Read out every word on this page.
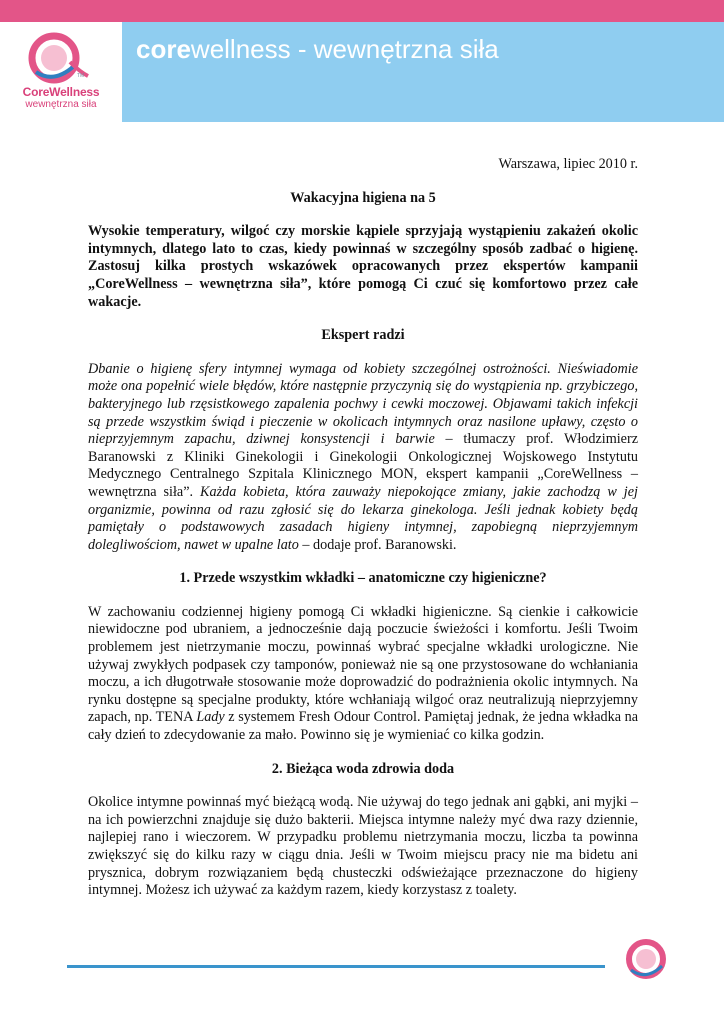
TM
CoreWellness
wewnętrzna siła
corewellness - wewnętrzna siła

Warszawa, lipiec 2010 r.

Wakacyjna higiena na 5

Wysokie temperatury, wilgoć czy morskie kąpiele sprzyjają wystąpieniu zakażeń okolic intymnych, dlatego lato to czas, kiedy powinnaś w szczególny sposób zadbać o higienę. Zastosuj kilka prostych wskazówek opracowanych przez ekspertów kampanii „CoreWellness – wewnętrzna siła”, które pomogą Ci czuć się komfortowo przez całe wakacje.

Ekspert radzi

Dbanie o higienę sfery intymnej wymaga od kobiety szczególnej ostrożności. Nieświadomie może ona popełnić wiele błędów, które następnie przyczynią się do wystąpienia np. grzybiczego, bakteryjnego lub rzęsistkowego zapalenia pochwy i cewki moczowej. Objawami takich infekcji są przede wszystkim świąd i pieczenie w okolicach intymnych oraz nasilone upławy, często o nieprzyjemnym zapachu, dziwnej konsystencji i barwie – tłumaczy prof. Włodzimierz Baranowski z Kliniki Ginekologii i Ginekologii Onkologicznej Wojskowego Instytutu Medycznego Centralnego Szpitala Klinicznego MON, ekspert kampanii „CoreWellness – wewnętrzna siła”. Każda kobieta, która zauważy niepokojące zmiany, jakie zachodzą w jej organizmie, powinna od razu zgłosić się do lekarza ginekologa. Jeśli jednak kobiety będą pamiętały o podstawowych zasadach higieny intymnej, zapobiegną nieprzyjemnym dolegliwościom, nawet w upalne lato – dodaje prof. Baranowski.

1. Przede wszystkim wkładki – anatomiczne czy higieniczne?

W zachowaniu codziennej higieny pomogą Ci wkładki higieniczne. Są cienkie i całkowicie niewidoczne pod ubraniem, a jednocześnie dają poczucie świeżości i komfortu. Jeśli Twoim problemem jest nietrzymanie moczu, powinnaś wybrać specjalne wkładki urologiczne. Nie używaj zwykłych podpasek czy tamponów, ponieważ nie są one przystosowane do wchłaniania moczu, a ich długotrwałe stosowanie może doprowadzić do podrażnienia okolic intymnych. Na rynku dostępne są specjalne produkty, które wchłaniają wilgoć oraz neutralizują nieprzyjemny zapach, np. TENA Lady z systemem Fresh Odour Control. Pamiętaj jednak, że jedna wkładka na cały dzień to zdecydowanie za mało. Powinno się je wymieniać co kilka godzin.

2. Bieżąca woda zdrowia doda

Okolice intymne powinnaś myć bieżącą wodą. Nie używaj do tego jednak ani gąbki, ani myjki – na ich powierzchni znajduje się dużo bakterii. Miejsca intymne należy myć dwa razy dziennie, najlepiej rano i wieczorem. W przypadku problemu nietrzymania moczu, liczba ta powinna zwiększyć się do kilku razy w ciągu dnia. Jeśli w Twoim miejscu pracy nie ma bidetu ani prysznica, dobrym rozwiązaniem będą chusteczki odświeżające przeznaczone do higieny intymnej. Możesz ich używać za każdym razem, kiedy korzystasz z toalety.
